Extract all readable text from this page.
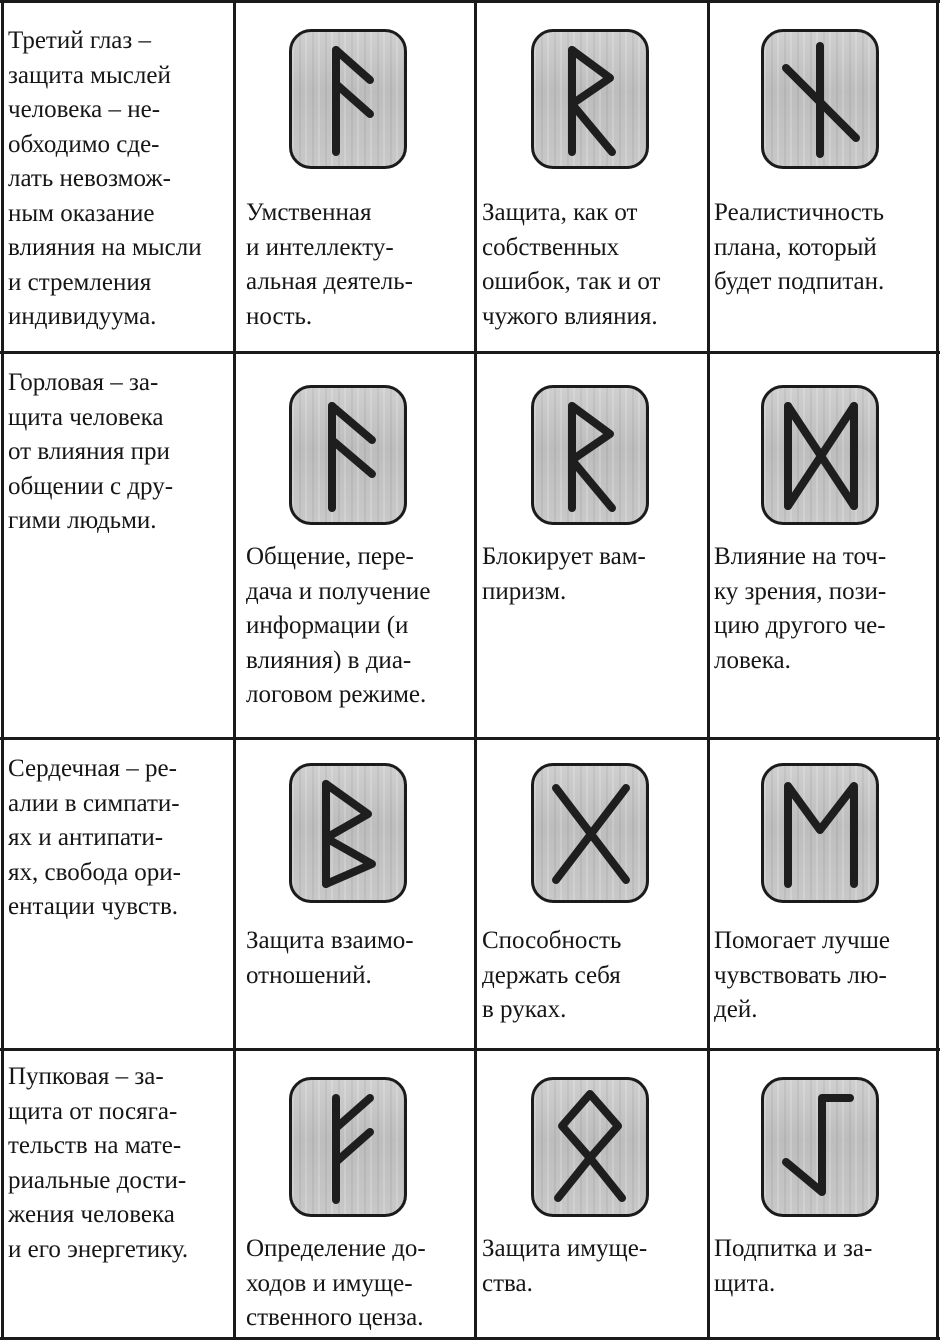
Третий глаз –
защита мыслей
человека – не-
обходимо сде-
лать невозмож-
ным оказание
влияния на мысли
и стремления
индивидуума.
Умственная
и интеллекту-
альная деятель-
ность.
Защита, как от
собственных
ошибок, так и от
чужого влияния.
Реалистичность
плана, который
будет подпитан.
Горловая – за-
щита человека
от влияния при
общении с дру-
гими людьми.
Общение, пере-
дача и получение
информации (и
влияния) в диа-
логовом режиме.
Блокирует вам-
пиризм.
Влияние на точ-
ку зрения, пози-
цию другого че-
ловека.
Сердечная – ре-
алии в симпати-
ях и антипати-
ях, свобода ори-
ентации чувств.
Защита взаимо-
отношений.
Способность
держать себя
в руках.
Помогает лучше
чувствовать лю-
дей.
Пупковая – за-
щита от посяга-
тельств на мате-
риальные дости-
жения человека
и его энергетику.	Определение до-
ходов и имуще-
ственного ценза.
Защита имуще-
ства.
Подпитка и за-
щита.
